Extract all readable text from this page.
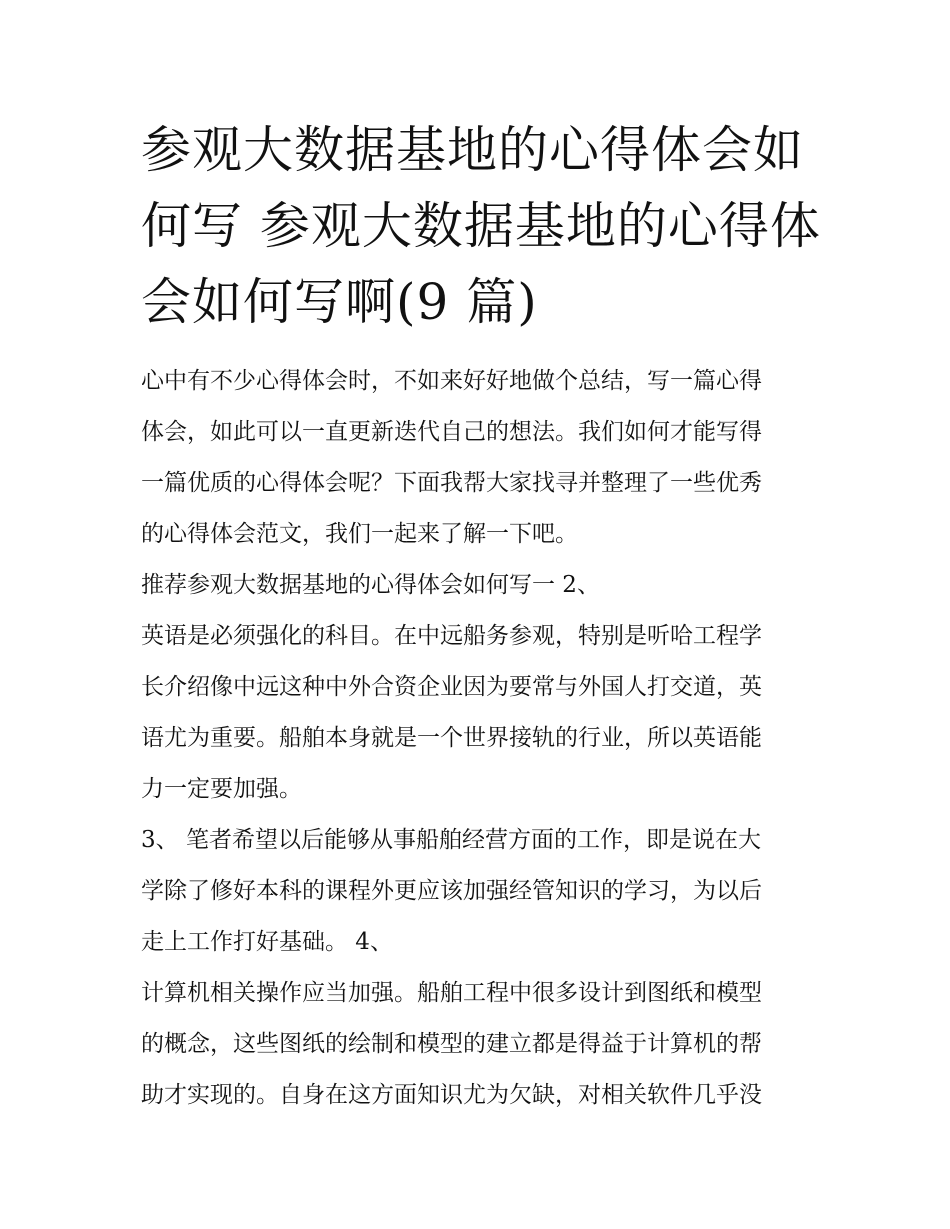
参观大数据基地的心得体会如
何写 参观大数据基地的心得体
会如何写啊(9 篇)

心中有不少心得体会时，不如来好好地做个总结，写一篇心得
体会，如此可以一直更新迭代自己的想法。我们如何才能写得
一篇优质的心得体会呢？下面我帮大家找寻并整理了一些优秀
的心得体会范文，我们一起来了解一下吧。

推荐参观大数据基地的心得体会如何写一 2、

英语是必须强化的科目。在中远船务参观，特别是听哈工程学
长介绍像中远这种中外合资企业因为要常与外国人打交道，英
语尤为重要。船舶本身就是一个世界接轨的行业，所以英语能
力一定要加强。

3、 笔者希望以后能够从事船舶经营方面的工作，即是说在大
学除了修好本科的课程外更应该加强经管知识的学习，为以后
走上工作打好基础。 4、

计算机相关操作应当加强。船舶工程中很多设计到图纸和模型
的概念，这些图纸的绘制和模型的建立都是得益于计算机的帮
助才实现的。自身在这方面知识尤为欠缺，对相关软件几乎没
